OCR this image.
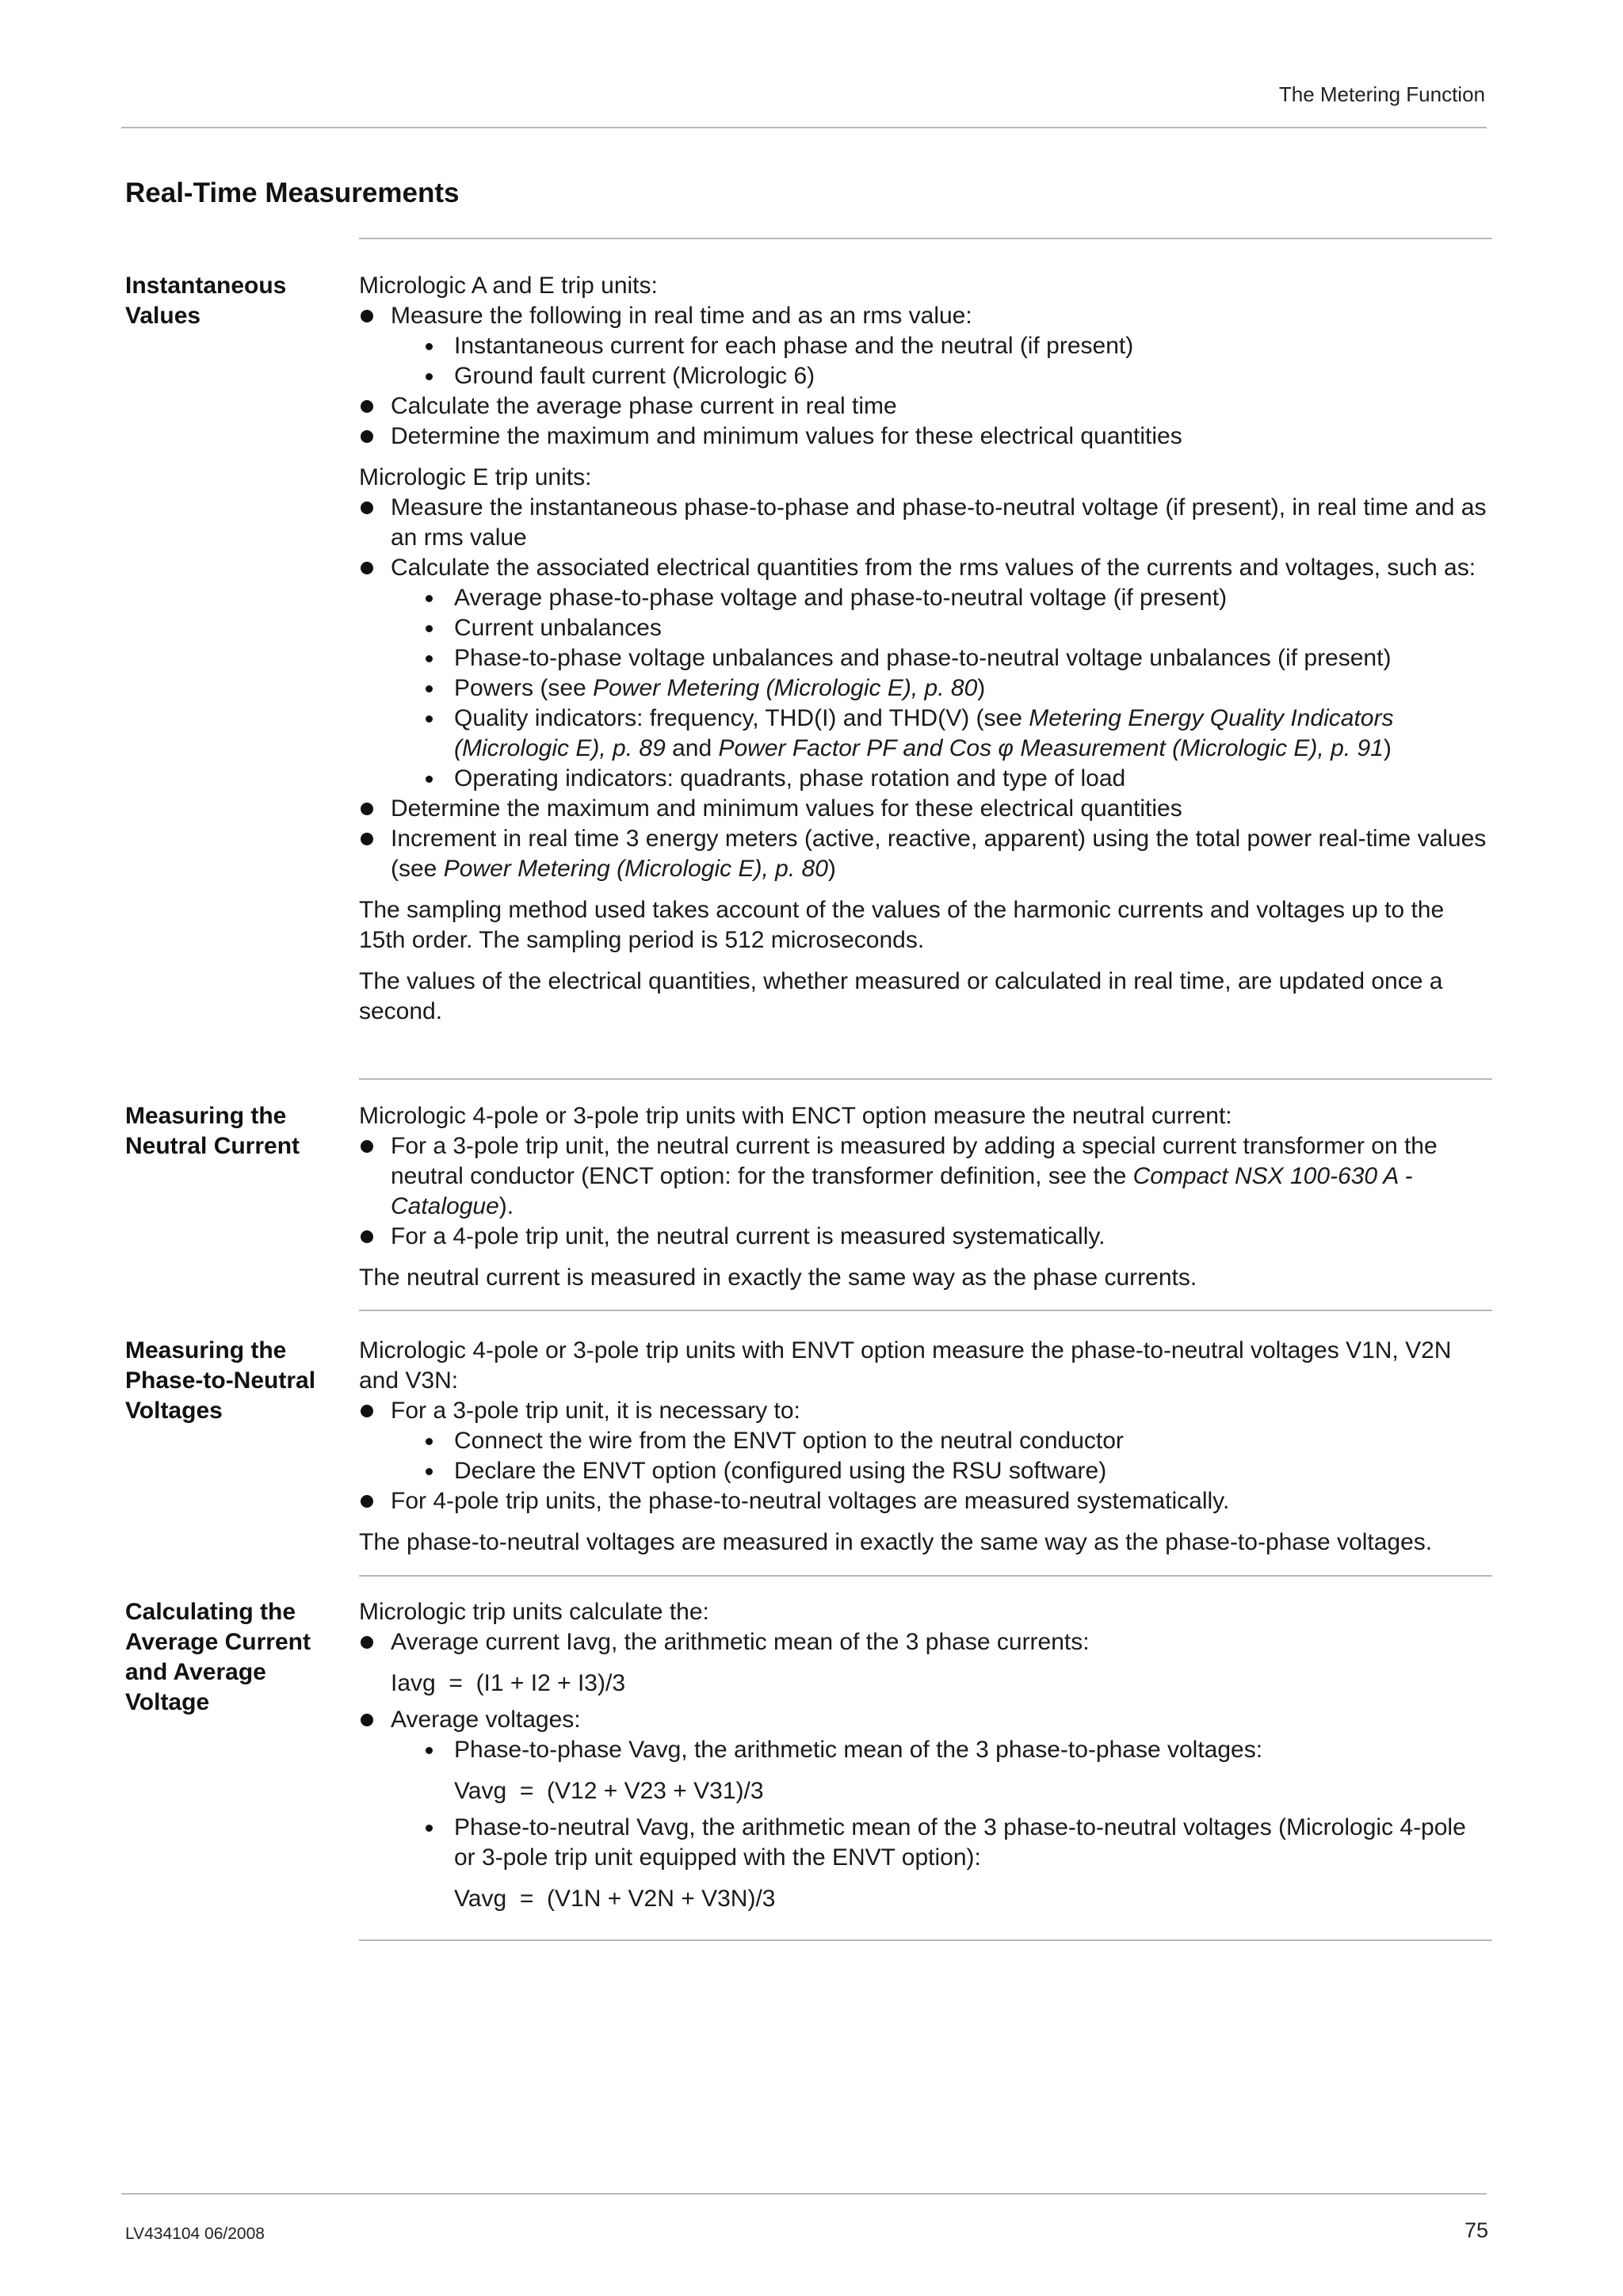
The Metering Function
Real-Time Measurements
Instantaneous
Values

Micrologic A and E trip units:

Measure the following in real time and as an rms value:
Instantaneous current for each phase and the neutral (if present)
Ground fault current (Micrologic 6)
Calculate the average phase current in real time
Determine the maximum and minimum values for these electrical quantities

Micrologic E trip units:

Measure the instantaneous phase-to-phase and phase-to-neutral voltage (if present), in real time and as an rms value
Calculate the associated electrical quantities from the rms values of the currents and voltages, such as:
Average phase-to-phase voltage and phase-to-neutral voltage (if present)
Current unbalances
Phase-to-phase voltage unbalances and phase-to-neutral voltage unbalances (if present)
Powers (see Power Metering (Micrologic E), p. 80)
Quality indicators: frequency, THD(I) and THD(V) (see Metering Energy Quality Indicators (Micrologic E), p. 89 and Power Factor PF and Cos φ Measurement (Micrologic E), p. 91)
Operating indicators: quadrants, phase rotation and type of load
Determine the maximum and minimum values for these electrical quantities
Increment in real time 3 energy meters (active, reactive, apparent) using the total power real-time values (see Power Metering (Micrologic E), p. 80)

The sampling method used takes account of the values of the harmonic currents and voltages up to the 15th order. The sampling period is 512 microseconds.

The values of the electrical quantities, whether measured or calculated in real time, are updated once a second.

Measuring the
Neutral Current

Micrologic 4-pole or 3-pole trip units with ENCT option measure the neutral current:

For a 3-pole trip unit, the neutral current is measured by adding a special current transformer on the neutral conductor (ENCT option: for the transformer definition, see the Compact NSX 100-630 A - Catalogue).
For a 4-pole trip unit, the neutral current is measured systematically.

The neutral current is measured in exactly the same way as the phase currents.

Measuring the
Phase-to-Neutral
Voltages

Micrologic 4-pole or 3-pole trip units with ENVT option measure the phase-to-neutral voltages V1N, V2N and V3N:

For a 3-pole trip unit, it is necessary to:
Connect the wire from the ENVT option to the neutral conductor
Declare the ENVT option (configured using the RSU software)
For 4-pole trip units, the phase-to-neutral voltages are measured systematically.

The phase-to-neutral voltages are measured in exactly the same way as the phase-to-phase voltages.

Calculating the
Average Current
and Average
Voltage

Micrologic trip units calculate the:

Average current Iavg, the arithmetic mean of the 3 phase currents:
Iavg  =  (I1 + I2 + I3)/3
Average voltages:
Phase-to-phase Vavg, the arithmetic mean of the 3 phase-to-phase voltages:
Vavg  =  (V12 + V23 + V31)/3
Phase-to-neutral Vavg, the arithmetic mean of the 3 phase-to-neutral voltages (Micrologic 4-pole or 3-pole trip unit equipped with the ENVT option):
Vavg  =  (V1N + V2N + V3N)/3
LV434104 06/2008	75
